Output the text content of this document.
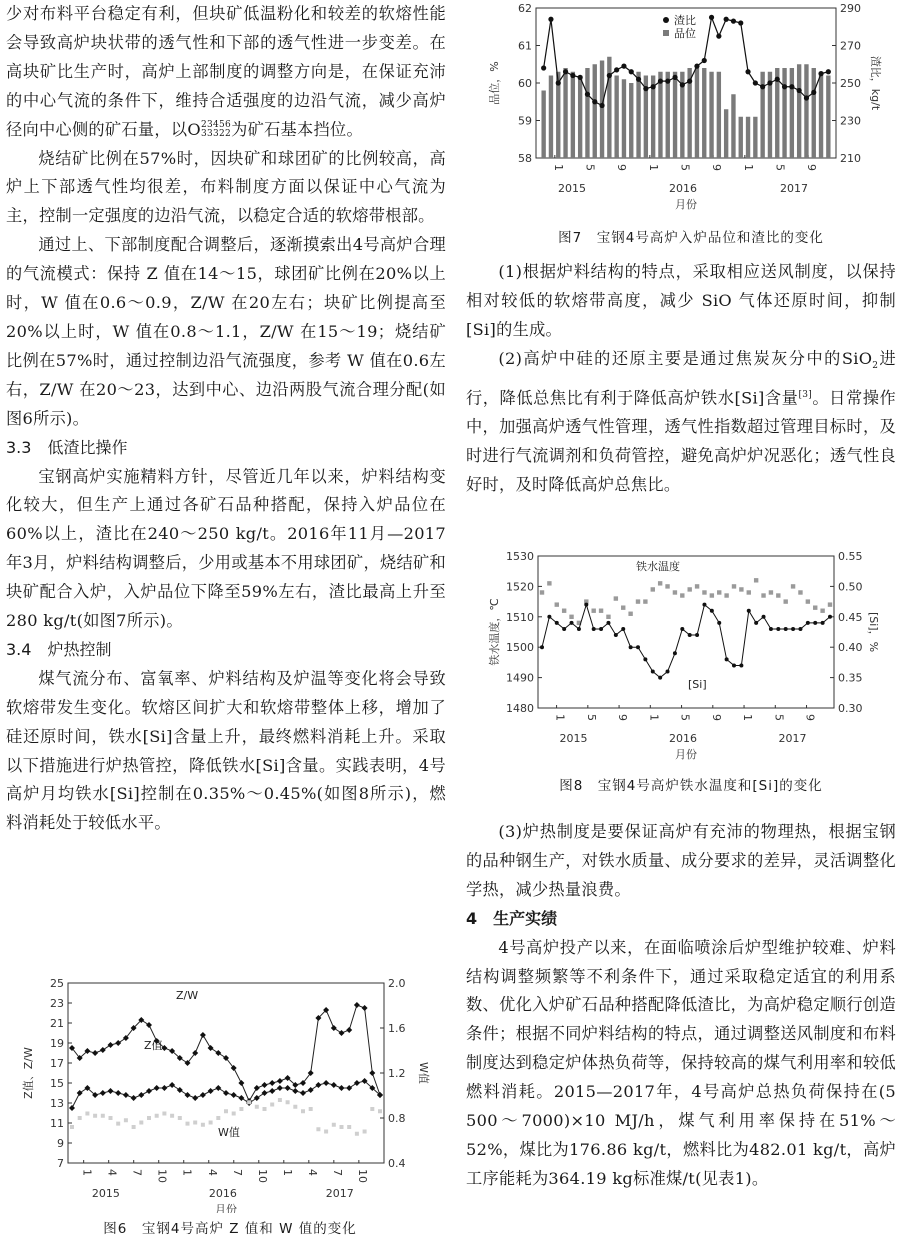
少对布料平台稳定有利，但块矿低温粉化和较差的软熔性能会导致高炉块状带的透气性和下部的透气性进一步变差。在高块矿比生产时，高炉上部制度的调整方向是，在保证充沛的中心气流的条件下，维持合适强度的边沿气流，减少高炉径向中心侧的矿石量，以O 23456
33322 为矿石基本挡位。

烧结矿比例在57%时，因块矿和球团矿的比例较高，高炉上下部透气性均很差，布料制度方面以保证中心气流为主，控制一定强度的边沿气流，以稳定合适的软熔带根部。

通过上、下部制度配合调整后，逐渐摸索出4号高炉合理的气流模式：保持 Z 值在14～15，球团矿比例在20%以上时，W 值在0.6～0.9，Z/W 在20左右；块矿比例提高至20%以上时，W 值在0.8～1.1，Z/W 在15～19；烧结矿比例在57%时，通过控制边沿气流强度，参考 W 值在0.6左右，Z/W 在20～23，达到中心、边沿两股气流合理分配(如图6所示)。

3.3　低渣比操作

宝钢高炉实施精料方针，尽管近几年以来，炉料结构变化较大，但生产上通过各矿石品种搭配，保持入炉品位在60%以上，渣比在240～250 kg/t。2016年11月—2017年3月，炉料结构调整后，少用或基本不用球团矿，烧结矿和块矿配合入炉，入炉品位下降至59%左右，渣比最高上升至280 kg/t(如图7所示)。

3.4　炉热控制

煤气流分布、富氧率、炉料结构及炉温等变化将会导致软熔带发生变化。软熔区间扩大和软熔带整体上移，增加了硅还原时间，铁水[Si]含量上升，最终燃料消耗上升。采取以下措施进行炉热管控，降低铁水[Si]含量。实践表明，4号高炉月均铁水[Si]控制在0.35%～0.45%(如图8所示)，燃料消耗处于较低水平。

7
9
11
13
15
17
19
21
23
25
0.4
0.8
1.2
1.6
2.0
Z值、Z/W	W值
1 4 7 10 1 4 7 10 1 4 7 10
2015	2016	2017
月份
Z/W
Z值
W值

图6　宝钢4号高炉 Z 值和 W 值的变化

58
59
60
61
62
210
230
250
270
290
品位，%	渣比，kg/t
1 5 9 1 5 9 1 5 9
2015	2016	2017
月份
渣比
品位

图7　宝钢4号高炉入炉品位和渣比的变化

(1)根据炉料结构的特点，采取相应送风制度，以保持相对较低的软熔带高度，减少 SiO 气体还原时间，抑制[Si]的生成。

(2)高炉中硅的还原主要是通过焦炭灰分中的SiO$_2$进行，降低总焦比有利于降低高炉铁水[Si]含量[3]。日常操作中，加强高炉透气性管理，透气性指数超过管理目标时，及时进行气流调剂和负荷管控，避免高炉炉况恶化；透气性良好时，及时降低高炉总焦比。

1480
1490
1500
1510
1520
1530
0.30
0.35
0.40
0.45
0.50
0.55
铁水温度，℃	[Si]，%
1 5 9 1 5 9 1 5 9
2015	2016	2017
月份
铁水温度
[Si]

图8　宝钢4号高炉铁水温度和[Si]的变化

(3)炉热制度是要保证高炉有充沛的物理热，根据宝钢的品种钢生产，对铁水质量、成分要求的差异，灵活调整化学热，减少热量浪费。

4　生产实绩

4号高炉投产以来，在面临喷涂后炉型维护较难、炉料结构调整频繁等不利条件下，通过采取稳定适宜的利用系数、优化入炉矿石品种搭配降低渣比，为高炉稳定顺行创造条件；根据不同炉料结构的特点，通过调整送风制度和布料制度达到稳定炉体热负荷等，保持较高的煤气利用率和较低燃料消耗。2015—2017年，4号高炉总热负荷保持在(5 500～7000)×10 MJ/h，煤气利用率保持在51%～52%，煤比为176.86 kg/t，燃料比为482.01 kg/t，高炉工序能耗为364.19 kg标准煤/t(见表1)。
